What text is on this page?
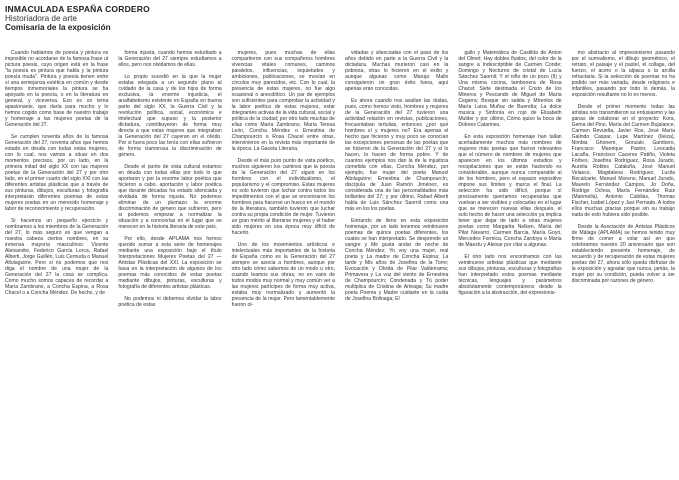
INMACULADA ESPAÑA CORDERO
Historiadora de arte
Comisaria de la exposición

Cuando hablamos de poesía y pintura es imposible no acordarse de la famosa frase ut pictura poesis, cuyo origen está en la frase "la poesía es pintura que habla y la pintura poesía muda". Pintura y poesía tienen entre sí una semejanza estética en común y desde tiempos inmemoriales la pintura se ha apoyado en la poesía, o en la literatura en general, y viceversa. Eso es un tema apasionante, que daría para mucho y lo hemos cogido como base de nuestro trabajo y homenaje a las mujeres poetas de la Generación del 27.

Se cumplen noventa años de la famosa Generación del 27, noventa años que hemos estado en deuda con todas estas mujeres, con lo cual, nos vamos a situar en dos momentos precisos, por un lado, en la primera mitad del siglo XX con las mujeres poetas de la Generación del 27 y por otro lado, en el primer cuarto del siglo XXI con las diferentes artistas plásticas que a través de sus pinturas, dibujos, esculturas y fotografía interpretarán diferentes poemas de estas mujeres poetas en un merecido homenaje y labor de reconocimiento y recuperación.

Si hacemos un pequeño ejercicio y nombramos a los miembros de la Generación del 27, lo más seguro es que vengan a nuestra cabeza ciertos nombres, en su inmensa mayoría masculinos: Vicente Aleixandre, Federico García Lorca, Rafael Alberti, Jorge Guillén, Luis Cernuda o Manuel Altolaguirre. Pero si no podemos que nos diga el nombre de una mujer de la Generación del 27 la cosa se complica. Como mucho somos capaces de recordar a María Zambrano, a Concha Espina, a Rosa Chacel o a Concha Méndez. De hecho, y de

forma injusta, cuando hemos estudiado a la Generación del 27 siempre estudiamos a ellos, pero nos olvidamos de ellas.

Lo propio sucedió en la que la mujer estaba relegada a un segundo plano al cuidado de la casa y de los hijos de forma exclusiva, la enorme injusticia, el analfabetismo existente en España en buena parte del siglo XX, la Guerra Civil y la revolución política, social, económica e intelectual que supuso y la posterior dictadura, contribuyeron de forma muy directa a que estas mujeres que integraban la Generación del 27 cayeran en el olvido. Por si fuera poco las tenía con ellas sufrieron de forma clamorosa la discriminación de género.

Desde el punto de vista cultural estamos en deuda con todas ellas por todo lo que aportaron y por la enorme labor poética que hicieron a cabo, aportación y labor poética que durante décadas ha estado silenciada y olvidada de forma injusta. No podemos eliminar de un plumazo la enorme discriminación de género que sufrieron, pero si podemos empezar a normalizar la situación y a conocerlas en el lugar que se merecen en la historia literaria de este país.

Por ello, desde APLAMA nos hemos querido sumar a esta serie de homenajes mediante una exposición bajo el título Interpretaciones Mujeres Poetas del 27 —Artistas Plásticas del XXI. La exposición se basa en la interpretación de algunos de los poemas más conocidos de estas poetas mediante dibujos, pinturas, esculturas y fotografía de diferentes artistas plásticas.

No podemos ni debemos olvidar la labor poética de estas

mujeres, pues muchas de ellas compartieron con sus compañeros hombres vivencias vitales comunes, caminos paralelos, influencias, inquietudes y ambiciones, publicaciones, se movían en círculos muy parecidos, etc. Con lo cual, la presencia de estas mujeres, no fue algo ocasional o anecdótico. Un par de ejemplos son suficientes para comprobar la actividad y la labor poética de estas mujeres, estar integrantes activas de la vida cultural, social y política de la ciudad; por otro lado muchas de ellas como María Zambrano, María Teresa León, Concha Méndez o Ernestina de Champourcín o Rosa Chacel entre otras, intervinieron en la revista más importante de la época: La Gaceta Literaria.

Desde el más puro punto de vista poético, muchos siguieron los caminos que la poesía de la Generación del 27 siguió en los hombres con el individualismo, el popularismo y el compromiso. Estas mujeres no solo tuvieron que luchar contra todos los impedimentos con el que se encontraron los hombres para hacerse un hueco en el mundo de la literatura, también tuvieron que luchar contra su propia condición de mujer. Tuvieron un gran mérito al liberarse mujeres y el haber sido mujeres en una época muy difícil de hacerlo.

Uno de los movimientos artísticos e intelectuales más importantes de la historia de España como es la Generación del 27 siempre se asocia a hombres, aunque por otro lado cómo sabemos de un modo u otro, cuando leamos sus obras, no en vano de todos modos muy normal y muy común ver a las mujeres partícipes de forma muy activa, estaba muy normalizado y aumentó la presencia de la mujer. Pero lamentablemente fueron ol-

vidadas y silenciadas con el paso de los años debido en parte a la Guerra Civil y la dictadura. Muchas murieron casi en la pobreza, otras lo hicieron en el exilio y aunque algunas como Maruja Mallo consiguieron un gran éxito fuera, aquí apenas eran conocidas.

Es ahora cuando nos asaltan las dudas, pues, como hemos visto, hombres y mujeres de la Generación del 27 tuvieron una actividad relación en revistas, publicaciones, frecuentaban tertulias, entonces ¿por qué hombres sí y mujeres no? Era apenas el hecho que hicieron y muy poco se conocían las excepciones personas de las poetas que se hicieron de la Generación del 27 y si lo hacen, lo hacen de forma pobre. Y de cuantos ejemplos nos dan la de la injusticia cometida con ellas, Concha Méndez, por ejemplo, fue mujer del poeta Manuel Altolaguirre; Ernestina de Champourcín, discípula de Juan Ramón Jiménez, es considerada una de las personalidades más brillantes del 27; y por último, Rafael Alberti habla de Luis Sánchez Saornil como una más en los los poetas.

Entrando de lleno en esta exposición homenaje, por un lado tenemos veintinueve poemas de quince poetas diferentes, los cuales se han interpretado. Se desprende un sangre y Me gusta andar de noche de Concha Méndez; Yo voy una mujer, real poeta y La madre de Concha Espina; La tarde y Mis años de Josefina de la Torre; Evocación y Olvida de Pilar Valderrama; Primavera y La voz del viento de Ernestina de Champourcín; Condenada y Tú poder multiplica de Cristina de Arteaga; Su madre poeta Poema y Madre cuidaste en la cuida de Josefina Bolinaga; El

gallo y Matemática de Castilda de Anton del Olmet; Hay dobles fluidos, del color de la sangre a Indescriptible de Carmen Conde; Domingo y Nocturno de cristal de Lucía Sánchez Saornil; Y el niño de un pozo (II) y Una misma cocina, tambonera de Rosa Chacel; Siete destinada el Cristo de los Mineros y Pescando de Miguel de María Cegarra; Bosque sin salida y Mírenlos de María Luisa Muñoz de Buendía; La dolce musica y Sinfonía en rojo de Elisabeth Mulder y por último, Cómo quiso la boca de Dolores Catarineu.

En esta exposición homenaje han tallan acertadamente muchos más nombres de mujeres más poetas que fueron relevantes que el número de nombres de mujeres que aparecen en los últimos estudios y recopilaciones que se están haciendo es considerable, aunque nunca comparable al de los hombres, pero el espacio expositivo impone sus límites y marca el final. La selección ha sido difícil, porque sí precisamente queríamos recuperarlas que vuelvan a ser visibles y colocarlas en el lugar que se merecen nuevas ellas después, el solo hecho de hacer una selección ya implica tener que dejar de lado a otras mujeres poetas como Margarita Nelken, María del Pilar Navarro, Carmen Barcia, María Goyri, Mercedes Formica, Concha Zardoya o María de Maeztu y Aleixar por citar a algunas.

El otro lado nos encontramos con las veintinueve artistas plásticas que mediante sus dibujos, pinturas, esculturas y fotografías han interpretado estos poemas mediante técnicas, lenguajes y parámetros absolutamente contemporáneos desde la figuración a la abstracción, del expresionis-

mo abstracto al impresionismo pasando por el surrealismo, el dibujo geométrico, el retrato, el paisaje y el pastel, el collage, del fuerzo, el acero o la alpaca o la arcilla refractaria. Si la selección de poemas no ha podido ser más variada, desde religiosos e infantiles, pasando por todo lo demás, la exposición resultante no lo es menos.

Desde el primer momento todas las artistas nos transmitieron su entusiasmo y las ganas de colaborar en el proyecto: Kora, Gema del Pino, María del Carmen Bujalance, Carmen Revuelta, Javier Ros, José María Galindo Caspar, Lupe Martínez (Ileiza), Nimbia Ghonem, Gonzalo Gambero, Francisco Manrique Pastor, Leocadia Lacaña, Francisco Caceres Patiño, Violeta Forbes, Josefina Rodríguez, Rosa Jurado, Aurelia Robles Cataluña, José Manuel Velasco, Magdalena Rodríguez, Lucila Recalcarte, Manuel Moreno, Manuel Jurado, Maurelo Fernández Campos, Jo Doña, Rodrigo Ochoa, María Fernández Ruiz (Marimella), Antonio Cubillas, Thomas Fischer, Isabel López y Javi Pernado. A todos ellos muchas gracias porque sin su trabajo nada de esto hubiera sido posible.

Desde la Asociación de Artistas Plásticos de Málaga (APLAMA) se hemos tenido muy firme de comer a volar así en que celebramos nuestro 20 aniversario que son estableciendo presente homenaje, de recuerdo y de recuperación de estas mujeres poetas del 27, ahora sólo queda disfrutar de la exposición y agradar que nunca, jamás, la mujer por su condición, pueda volver a ser discriminada por razones de género.
